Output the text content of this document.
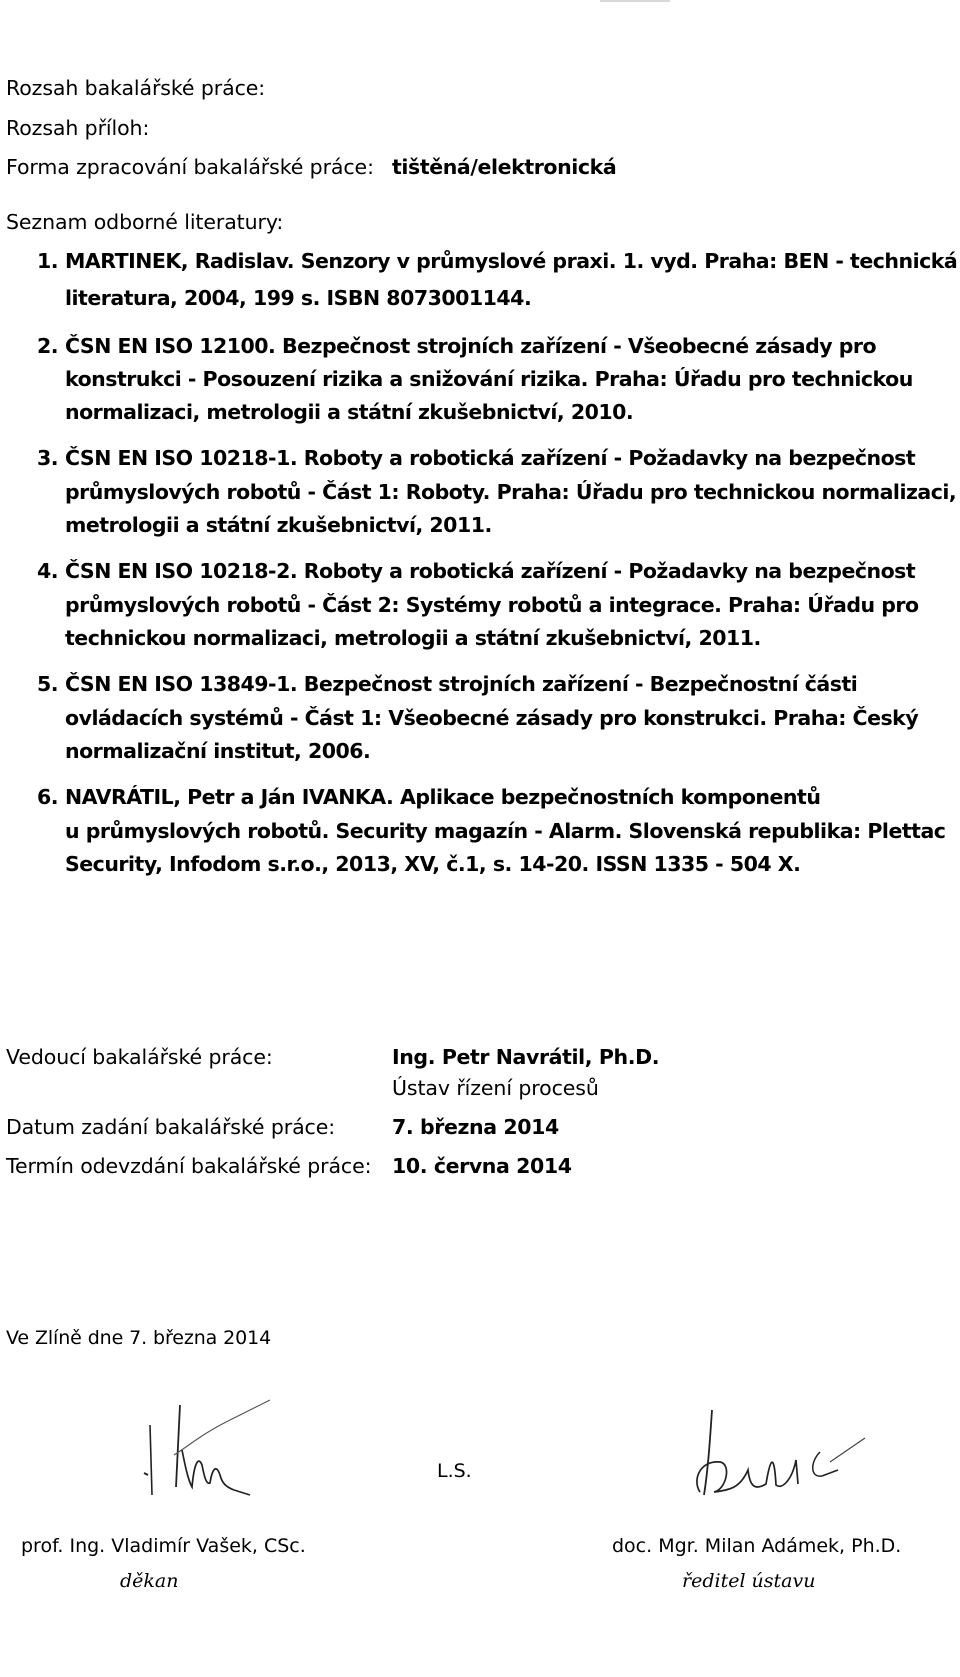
Rozsah bakalářské práce:
Rozsah příloh:
Forma zpracování bakalářské práce: tištěná/elektronická
Seznam odborné literatury:
1. MARTINEK, Radislav. Senzory v průmyslové praxi. 1. vyd. Praha: BEN - technická
literatura, 2004, 199 s. ISBN 8073001144.
2. ČSN EN ISO 12100. Bezpečnost strojních zařízení - Všeobecné zásady pro
konstrukci - Posouzení rizika a snižování rizika. Praha: Úřadu pro technickou
normalizaci, metrologii a státní zkušebnictví, 2010.
3. ČSN EN ISO 10218-1. Roboty a robotická zařízení - Požadavky na bezpečnost
průmyslových robotů - Část 1: Roboty. Praha: Úřadu pro technickou normalizaci,
metrologii a státní zkušebnictví, 2011.
4. ČSN EN ISO 10218-2. Roboty a robotická zařízení - Požadavky na bezpečnost
průmyslových robotů - Část 2: Systémy robotů a integrace. Praha: Úřadu pro
technickou normalizaci, metrologii a státní zkušebnictví, 2011.
5. ČSN EN ISO 13849-1. Bezpečnost strojních zařízení - Bezpečnostní části
ovládacích systémů - Část 1: Všeobecné zásady pro konstrukci. Praha: Český
normalizační institut, 2006.
6. NAVRÁTIL, Petr a Ján IVANKA. Aplikace bezpečnostních komponentů
u průmyslových robotů. Security magazín - Alarm. Slovenská republika: Plettac
Security, Infodom s.r.o., 2013, XV, č.1, s. 14-20. ISSN 1335 - 504 X.
Vedoucí bakalářské práce:	Ing. Petr Navrátil, Ph.D.
Ústav řízení procesů
Datum zadání bakalářské práce:	7. března 2014
Termín odevzdání bakalářské práce: 10. června 2014
Ve Zlíně dne 7. března 2014
prof. Ing. Vladimír Vašek, CSc.
děkan
L.S.
doc. Mgr. Milan Adámek, Ph.D.
ředitel ústavu
